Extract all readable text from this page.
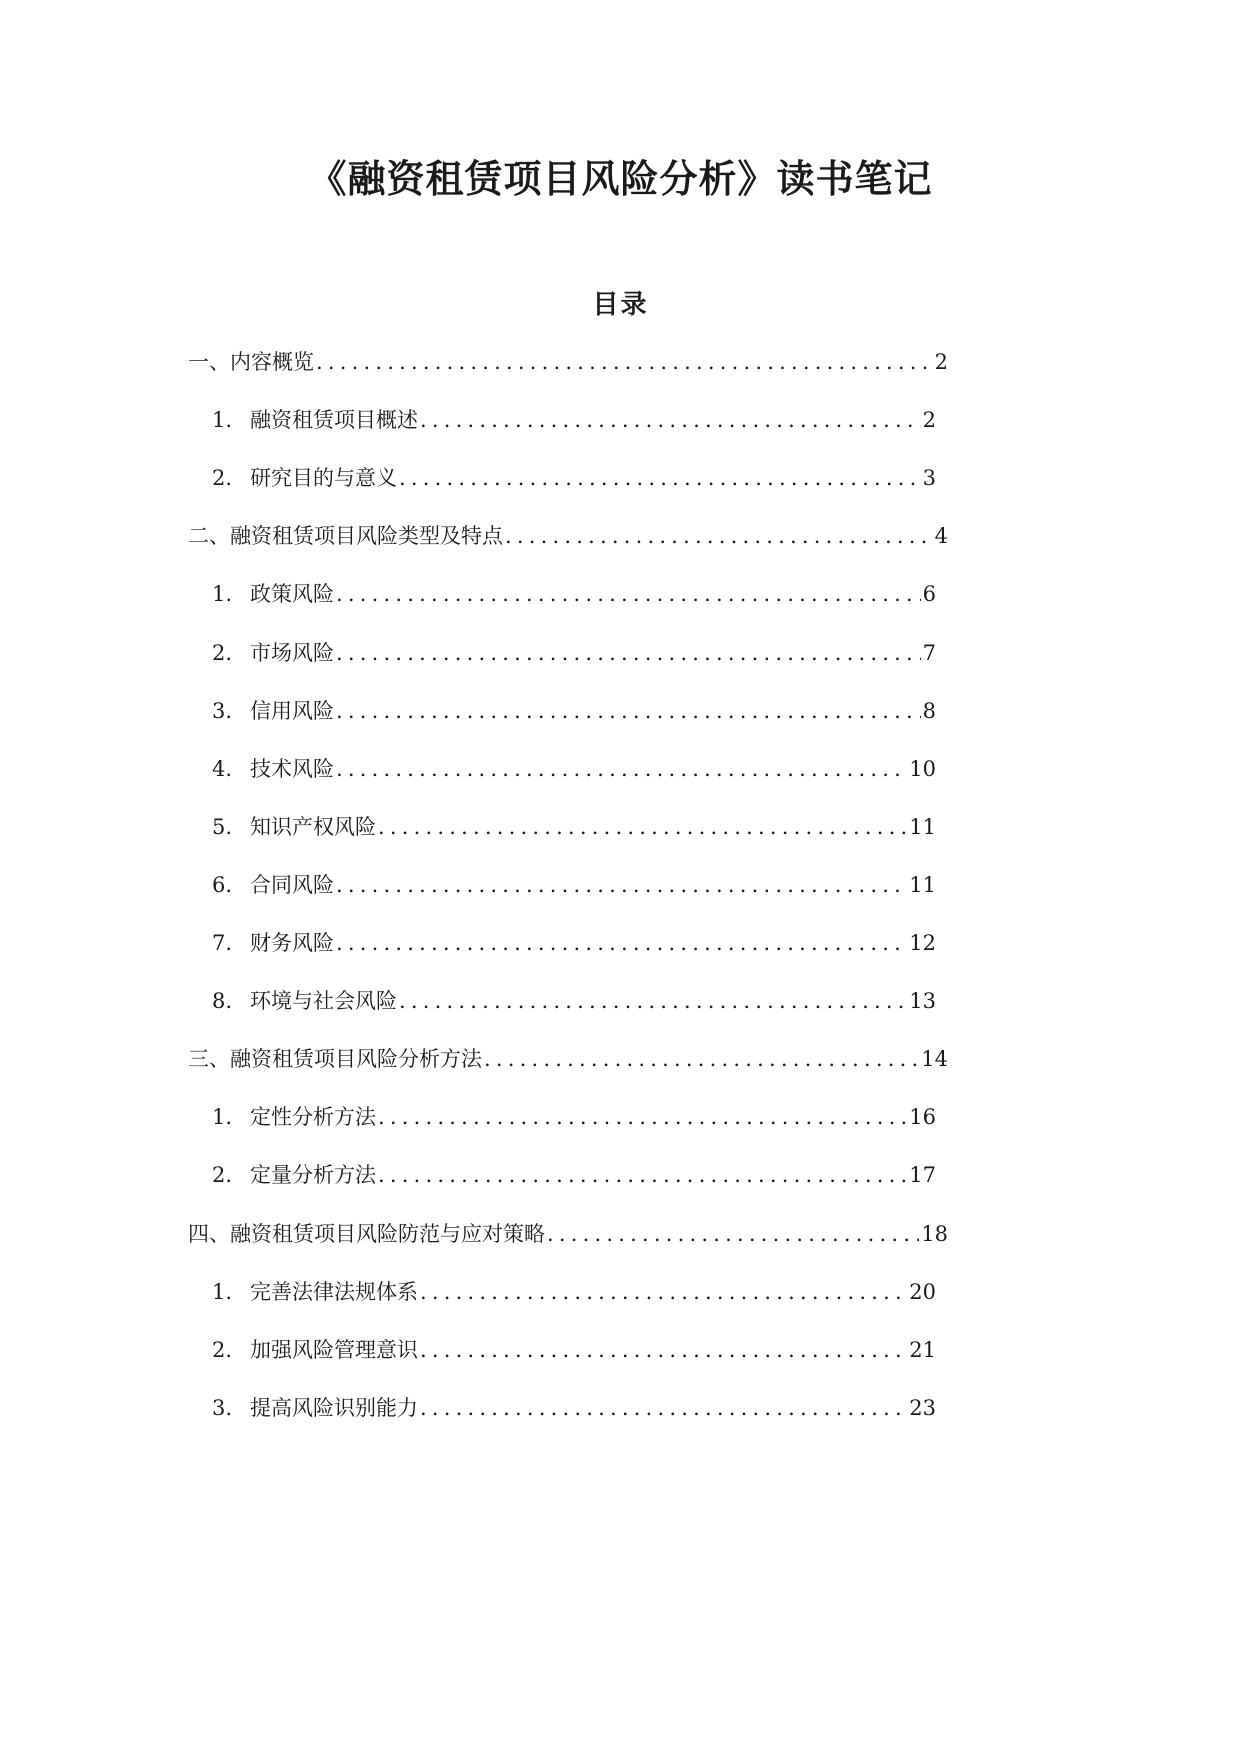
《融资租赁项目风险分析》读书笔记
目录
一、内容概览 .....	2
1. 融资租赁项目概述 .....	2
2. 研究目的与意义 .....	3
二、融资租赁项目风险类型及特点 .....	4
1. 政策风险 .....	6
2. 市场风险 .....	7
3. 信用风险 .....	8
4. 技术风险 .....	10
5. 知识产权风险 .....	11
6. 合同风险 .....	11
7. 财务风险 .....	12
8. 环境与社会风险 .....	13
三、融资租赁项目风险分析方法 .....	14
1. 定性分析方法 .....	16
2. 定量分析方法 .....	17
四、融资租赁项目风险防范与应对策略 .....	18
1. 完善法律法规体系 .....	20
2. 加强风险管理意识 .....	21
3. 提高风险识别能力 .....	23
